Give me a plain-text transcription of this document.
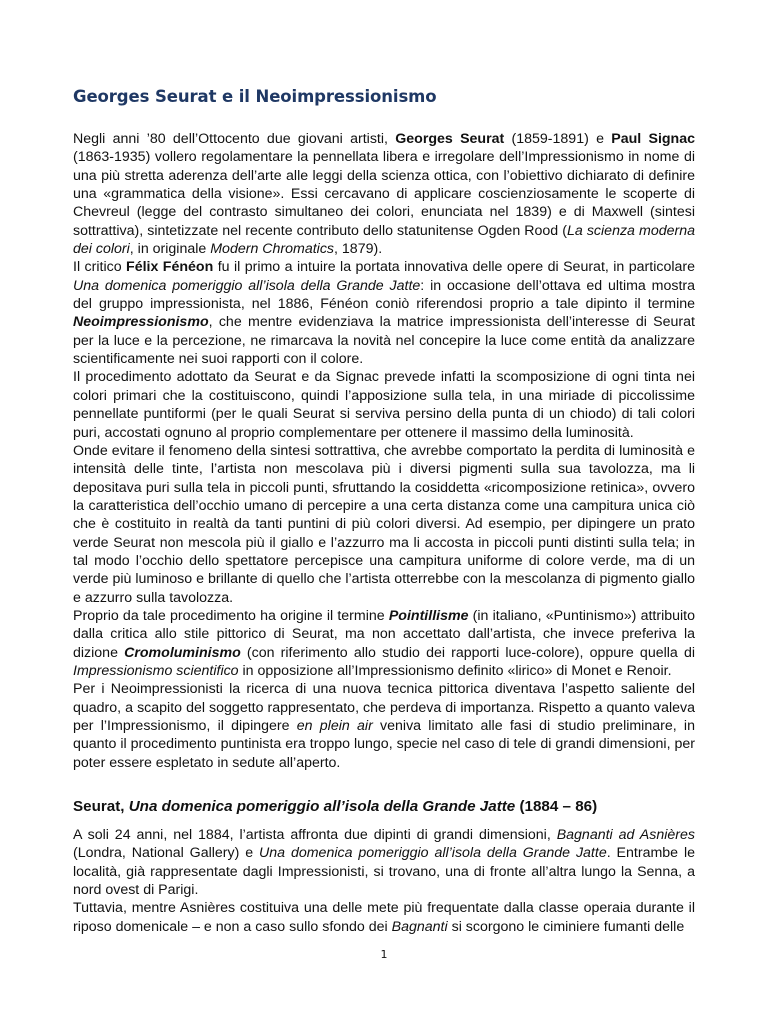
Georges Seurat e il Neoimpressionismo

Negli anni ’80 dell’Ottocento due giovani artisti, Georges Seurat (1859-1891) e Paul Signac (1863-1935) vollero regolamentare la pennellata libera e irregolare dell’Impressionismo in nome di una più stretta aderenza dell’arte alle leggi della scienza ottica, con l’obiettivo dichiarato di definire una «grammatica della visione». Essi cercavano di applicare coscienziosamente le scoperte di Chevreul (legge del contrasto simultaneo dei colori, enunciata nel 1839) e di Maxwell (sintesi sottrattiva), sintetizzate nel recente contributo dello statunitense Ogden Rood (La scienza moderna dei colori, in originale Modern Chromatics, 1879).

Il critico Félix Fénéon fu il primo a intuire la portata innovativa delle opere di Seurat, in particolare Una domenica pomeriggio all’isola della Grande Jatte: in occasione dell’ottava ed ultima mostra del gruppo impressionista, nel 1886, Fénéon coniò riferendosi proprio a tale dipinto il termine Neoimpressionismo, che mentre evidenziava la matrice impressionista dell’interesse di Seurat per la luce e la percezione, ne rimarcava la novità nel concepire la luce come entità da analizzare scientificamente nei suoi rapporti con il colore.

Il procedimento adottato da Seurat e da Signac prevede infatti la scomposizione di ogni tinta nei colori primari che la costituiscono, quindi l’apposizione sulla tela, in una miriade di piccolissime pennellate puntiformi (per le quali Seurat si serviva persino della punta di un chiodo) di tali colori puri, accostati ognuno al proprio complementare per ottenere il massimo della luminosità.

Onde evitare il fenomeno della sintesi sottrattiva, che avrebbe comportato la perdita di luminosità e intensità delle tinte, l’artista non mescolava più i diversi pigmenti sulla sua tavolozza, ma li depositava puri sulla tela in piccoli punti, sfruttando la cosiddetta «ricomposizione retinica», ovvero la caratteristica dell’occhio umano di percepire a una certa distanza come una campitura unica ciò che è costituito in realtà da tanti puntini di più colori diversi. Ad esempio, per dipingere un prato verde Seurat non mescola più il giallo e l’azzurro ma li accosta in piccoli punti distinti sulla tela; in tal modo l’occhio dello spettatore percepisce una campitura uniforme di colore verde, ma di un verde più luminoso e brillante di quello che l’artista otterrebbe con la mescolanza di pigmento giallo e azzurro sulla tavolozza.

Proprio da tale procedimento ha origine il termine Pointillisme (in italiano, «Puntinismo») attribuito dalla critica allo stile pittorico di Seurat, ma non accettato dall’artista, che invece preferiva la dizione Cromoluminismo (con riferimento allo studio dei rapporti luce-colore), oppure quella di Impressionismo scientifico in opposizione all’Impressionismo definito «lirico» di Monet e Renoir.

Per i Neoimpressionisti la ricerca di una nuova tecnica pittorica diventava l’aspetto saliente del quadro, a scapito del soggetto rappresentato, che perdeva di importanza. Rispetto a quanto valeva per l’Impressionismo, il dipingere en plein air veniva limitato alle fasi di studio preliminare, in quanto il procedimento puntinista era troppo lungo, specie nel caso di tele di grandi dimensioni, per poter essere espletato in sedute all’aperto.

Seurat, Una domenica pomeriggio all’isola della Grande Jatte (1884 – 86)

A soli 24 anni, nel 1884, l’artista affronta due dipinti di grandi dimensioni, Bagnanti ad Asnières (Londra, National Gallery) e Una domenica pomeriggio all’isola della Grande Jatte. Entrambe le località, già rappresentate dagli Impressionisti, si trovano, una di fronte all’altra lungo la Senna, a nord ovest di Parigi.

Tuttavia, mentre Asnières costituiva una delle mete più frequentate dalla classe operaia durante il riposo domenicale – e non a caso sullo sfondo dei Bagnanti si scorgono le ciminiere fumanti delle

1
